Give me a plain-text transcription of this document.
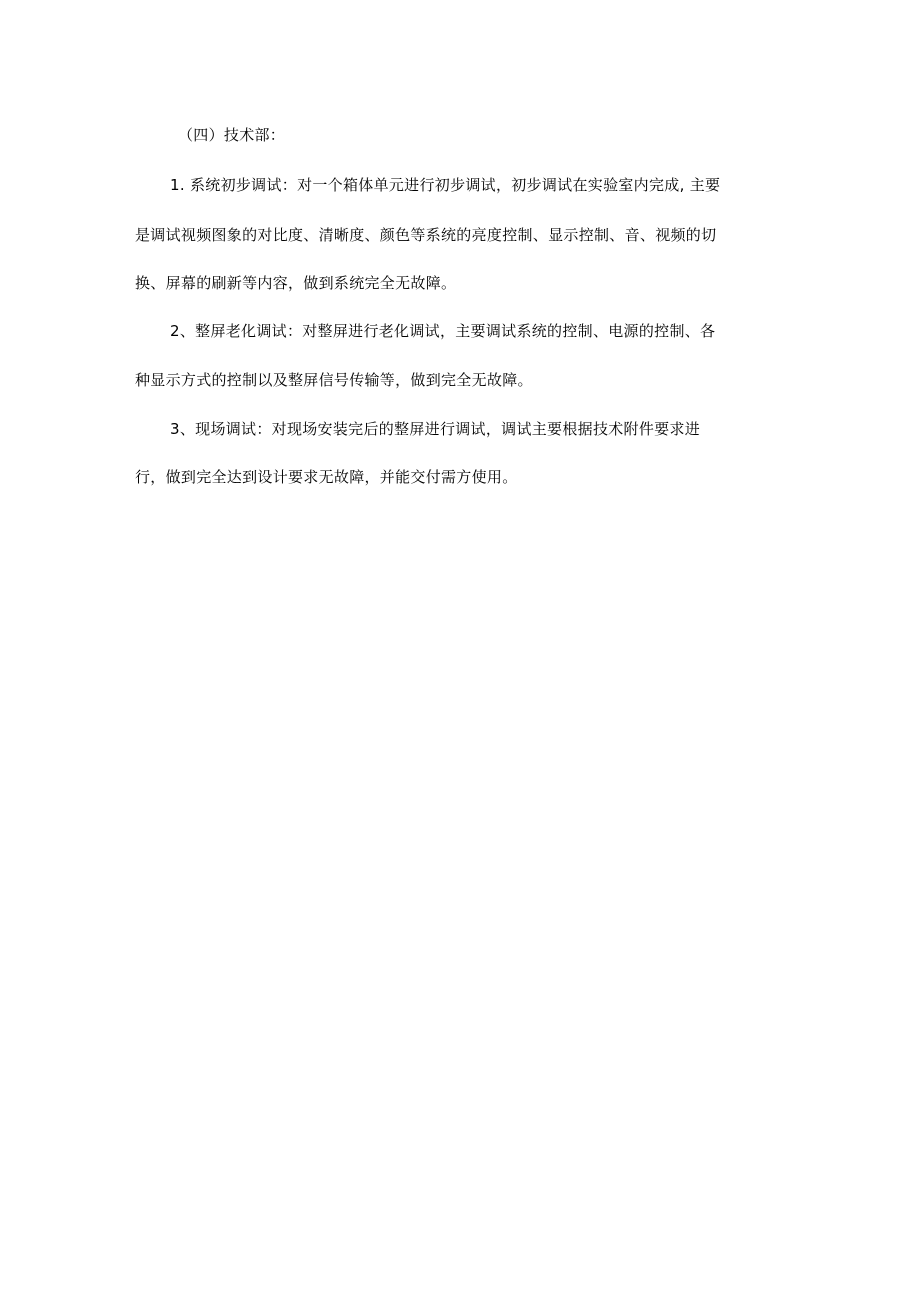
（四）技术部：
1. 系统初步调试：对一个箱体单元进行初步调试，初步调试在实验室内完成, 主要
是调试视频图象的对比度、清晰度、颜色等系统的亮度控制、显示控制、音、视频的切
换、屏幕的刷新等内容，做到系统完全无故障。
2、整屏老化调试：对整屏进行老化调试，主要调试系统的控制、电源的控制、各
种显示方式的控制以及整屏信号传输等，做到完全无故障。
3、现场调试：对现场安装完后的整屏进行调试，调试主要根据技术附件要求进
行，做到完全达到设计要求无故障，并能交付需方使用。
